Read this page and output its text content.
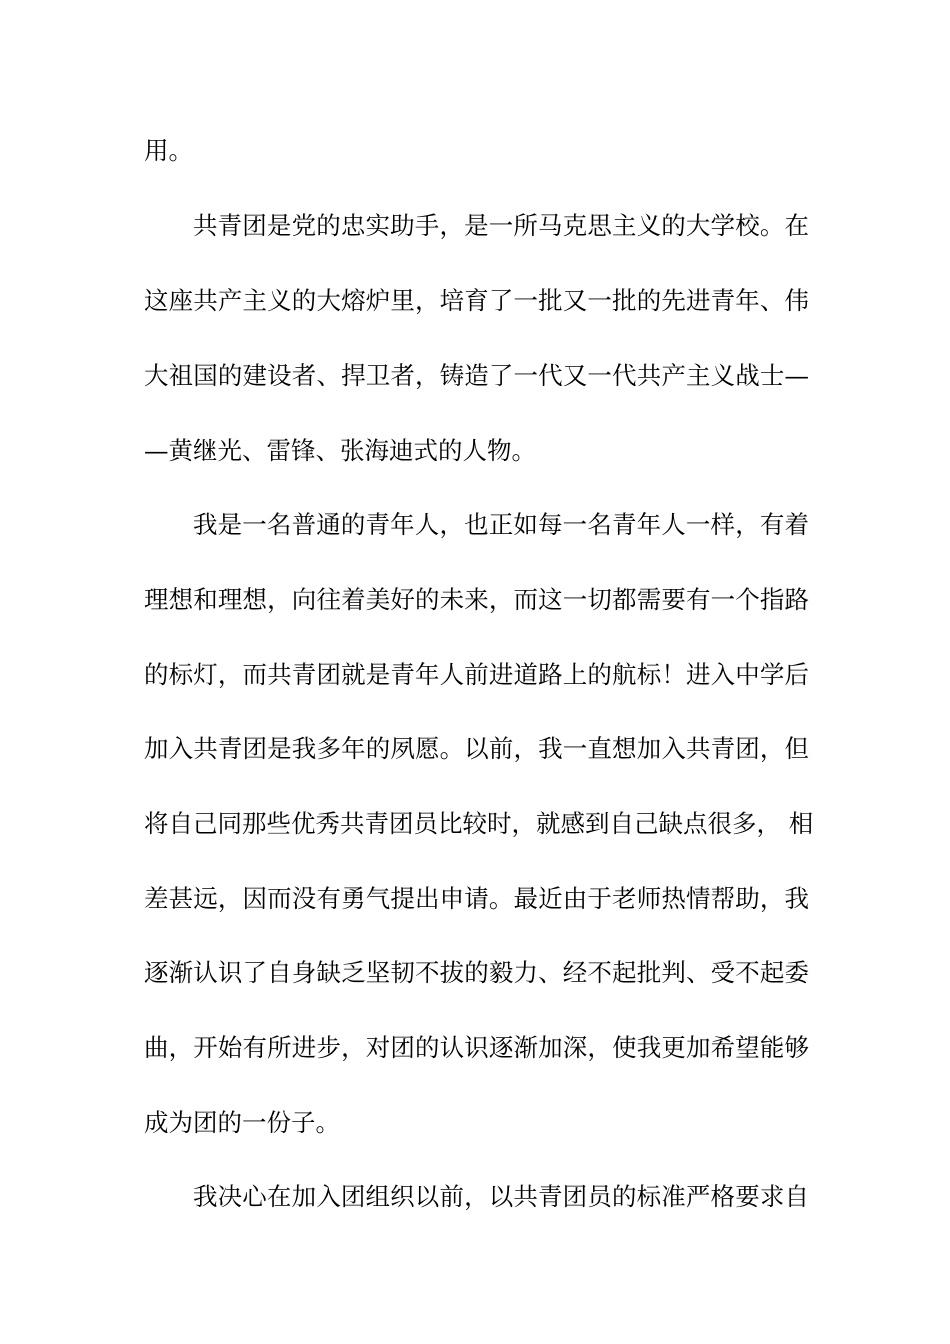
用。
共青团是党的忠实助手，是一所马克思主义的大学校。在
这座共产主义的大熔炉里，培育了一批又一批的先进青年、伟
大祖国的建设者、捍卫者，铸造了一代又一代共产主义战士—
—黄继光、雷锋、张海迪式的人物。
我是一名普通的青年人，也正如每一名青年人一样，有着
理想和理想，向往着美好的未来，而这一切都需要有一个指路
的标灯，而共青团就是青年人前进道路上的航标！进入中学后
加入共青团是我多年的夙愿。以前，我一直想加入共青团，但
将自己同那些优秀共青团员比较时，就感到自己缺点很多， 相
差甚远，因而没有勇气提出申请。最近由于老师热情帮助，我
逐渐认识了自身缺乏坚韧不拔的毅力、经不起批判、受不起委
曲，开始有所进步，对团的认识逐渐加深，使我更加希望能够
成为团的一份子。
我决心在加入团组织以前，以共青团员的标准严格要求自
